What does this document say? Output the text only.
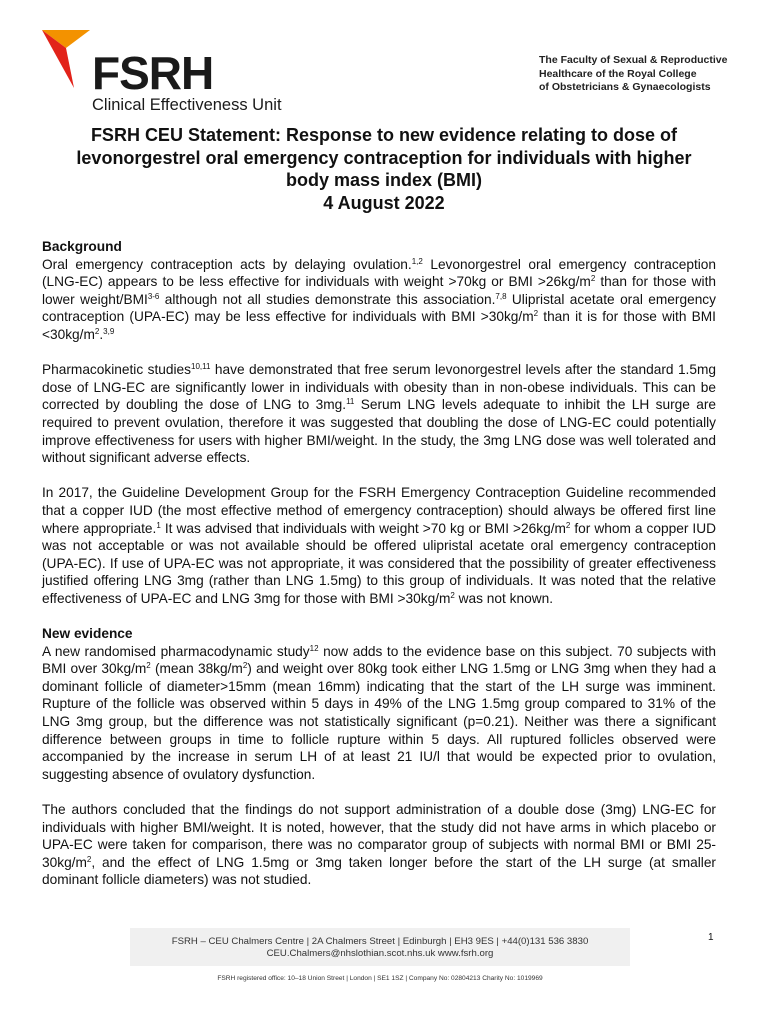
FSRH
Clinical Effectiveness Unit
The Faculty of Sexual & Reproductive
Healthcare of the Royal College
of Obstetricians & Gynaecologists
FSRH CEU Statement: Response to new evidence relating to dose of
levonorgestrel oral emergency contraception for individuals with higher
body mass index (BMI)
4 August 2022
Background

Oral emergency contraception acts by delaying ovulation.$^{1,2}$ Levonorgestrel oral emergency contraception (LNG-EC) appears to be less effective for individuals with weight >70kg or BMI $>26kg/m^2$ than for those with lower weight/BMI$^{3-6}$ although not all studies demonstrate this association.$^{7,8}$ Ulipristal acetate oral emergency contraception (UPA-EC) may be less effective for individuals with BMI $>30kg/m^2$ than it is for those with BMI $<30kg/m^2.^{3,9}$

Pharmacokinetic studies$^{10,11}$ have demonstrated that free serum levonorgestrel levels after the standard 1.5mg dose of LNG-EC are significantly lower in individuals with obesity than in non-obese individuals. This can be corrected by doubling the dose of LNG to 3mg.$^{11}$ Serum LNG levels adequate to inhibit the LH surge are required to prevent ovulation, therefore it was suggested that doubling the dose of LNG-EC could potentially improve effectiveness for users with higher BMI/weight. In the study, the 3mg LNG dose was well tolerated and without significant adverse effects.

In 2017, the Guideline Development Group for the FSRH Emergency Contraception Guideline recommended that a copper IUD (the most effective method of emergency contraception) should always be offered first line where appropriate.$^1$ It was advised that individuals with weight >70 kg or BMI $>26kg/m^2$ for whom a copper IUD was not acceptable or was not available should be offered ulipristal acetate oral emergency contraception (UPA-EC). If use of UPA-EC was not appropriate, it was considered that the possibility of greater effectiveness justified offering LNG 3mg (rather than LNG 1.5mg) to this group of individuals. It was noted that the relative effectiveness of UPA-EC and LNG 3mg for those with BMI $>30kg/m^2$ was not known.

New evidence

A new randomised pharmacodynamic study$^{12}$ now adds to the evidence base on this subject. 70 subjects with BMI over $30kg/m^2$ (mean $38kg/m^2$) and weight over 80kg took either LNG 1.5mg or LNG 3mg when they had a dominant follicle of diameter>15mm (mean 16mm) indicating that the start of the LH surge was imminent. Rupture of the follicle was observed within 5 days in 49% of the LNG 1.5mg group compared to 31% of the LNG 3mg group, but the difference was not statistically significant (p=0.21). Neither was there a significant difference between groups in time to follicle rupture within 5 days. All ruptured follicles observed were accompanied by the increase in serum LH of at least 21 IU/l that would be expected prior to ovulation, suggesting absence of ovulatory dysfunction.

The authors concluded that the findings do not support administration of a double dose (3mg) LNG-EC for individuals with higher BMI/weight. It is noted, however, that the study did not have arms in which placebo or UPA-EC were taken for comparison, there was no comparator group of subjects with normal BMI or BMI $25-30kg/m^2$, and the effect of LNG 1.5mg or 3mg taken longer before the start of the LH surge (at smaller dominant follicle diameters) was not studied.

1
FSRH – CEU Chalmers Centre | 2A Chalmers Street | Edinburgh | EH3 9ES | +44(0)131 536 3830
CEU.Chalmers@nhslothian.scot.nhs.uk www.fsrh.org
FSRH registered office: 10–18 Union Street | London | SE1 1SZ | Company No: 02804213 Charity No: 1019969
